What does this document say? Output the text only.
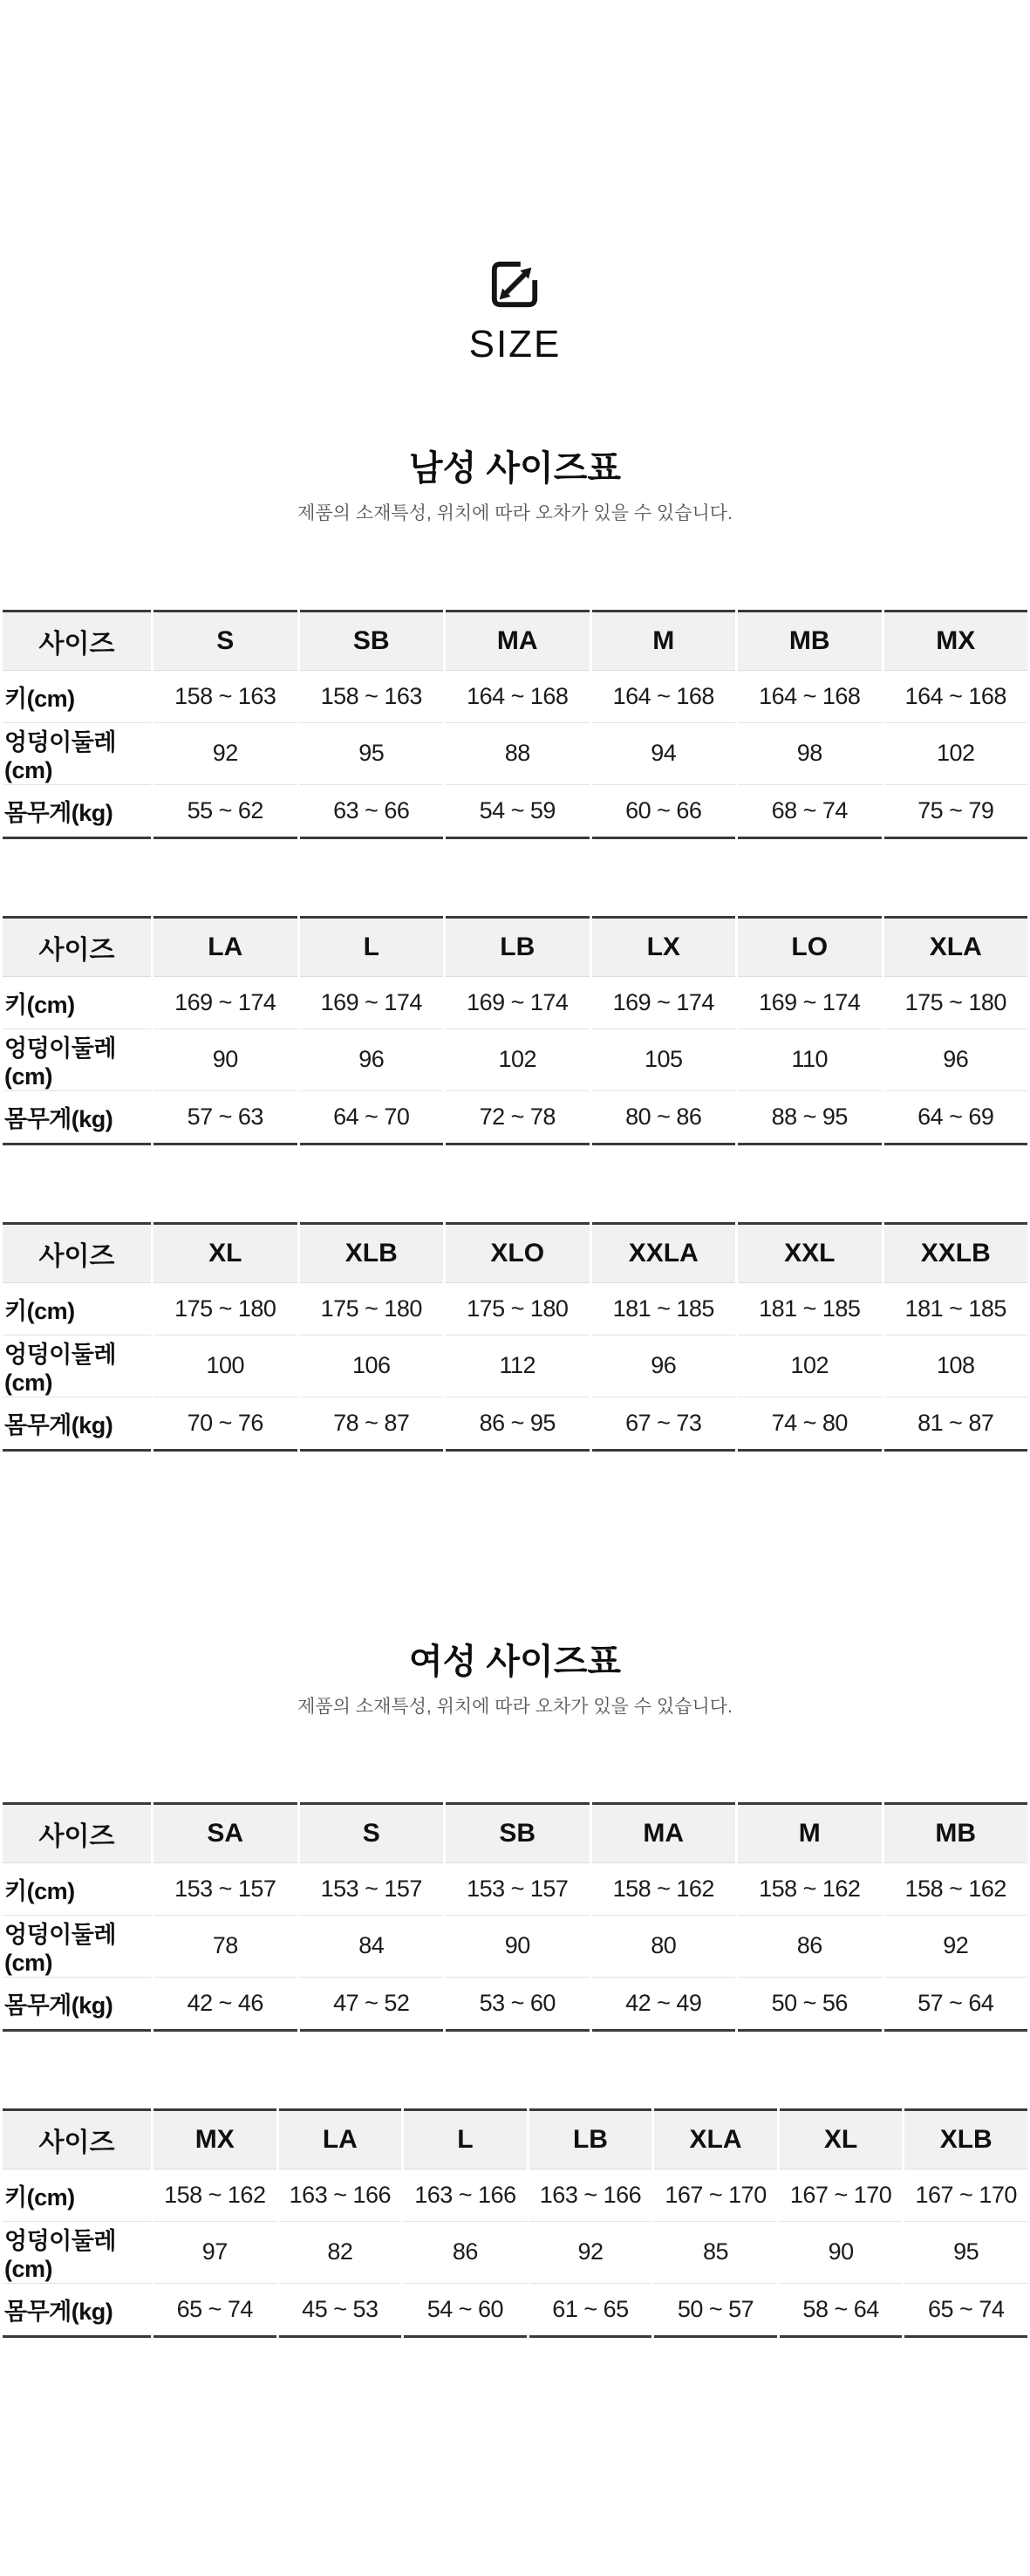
SIZE
남성 사이즈표

제품의 소재특성, 위치에 따라 오차가 있을 수 있습니다.

사이즈	S	SB	MA	M	MB	MX
키(cm)	158 ~ 163	158 ~ 163	164 ~ 168	164 ~ 168	164 ~ 168	164 ~ 168
엉덩이둘레(cm)	92	95	88	94	98	102
몸무게(kg)	55 ~ 62	63 ~ 66	54 ~ 59	60 ~ 66	68 ~ 74	75 ~ 79
사이즈	LA	L	LB	LX	LO	XLA
키(cm)	169 ~ 174	169 ~ 174	169 ~ 174	169 ~ 174	169 ~ 174	175 ~ 180
엉덩이둘레(cm)	90	96	102	105	110	96
몸무게(kg)	57 ~ 63	64 ~ 70	72 ~ 78	80 ~ 86	88 ~ 95	64 ~ 69
사이즈	XL	XLB	XLO	XXLA	XXL	XXLB
키(cm)	175 ~ 180	175 ~ 180	175 ~ 180	181 ~ 185	181 ~ 185	181 ~ 185
엉덩이둘레(cm)	100	106	112	96	102	108
몸무게(kg)	70 ~ 76	78 ~ 87	86 ~ 95	67 ~ 73	74 ~ 80	81 ~ 87
여성 사이즈표

제품의 소재특성, 위치에 따라 오차가 있을 수 있습니다.

사이즈	SA	S	SB	MA	M	MB
키(cm)	153 ~ 157	153 ~ 157	153 ~ 157	158 ~ 162	158 ~ 162	158 ~ 162
엉덩이둘레(cm)	78	84	90	80	86	92
몸무게(kg)	42 ~ 46	47 ~ 52	53 ~ 60	42 ~ 49	50 ~ 56	57 ~ 64
사이즈	MX	LA	L	LB	XLA	XL	XLB
키(cm)	158 ~ 162	163 ~ 166	163 ~ 166	163 ~ 166	167 ~ 170	167 ~ 170	167 ~ 170
엉덩이둘레(cm)	97	82	86	92	85	90	95
몸무게(kg)	65 ~ 74	45 ~ 53	54 ~ 60	61 ~ 65	50 ~ 57	58 ~ 64	65 ~ 74
